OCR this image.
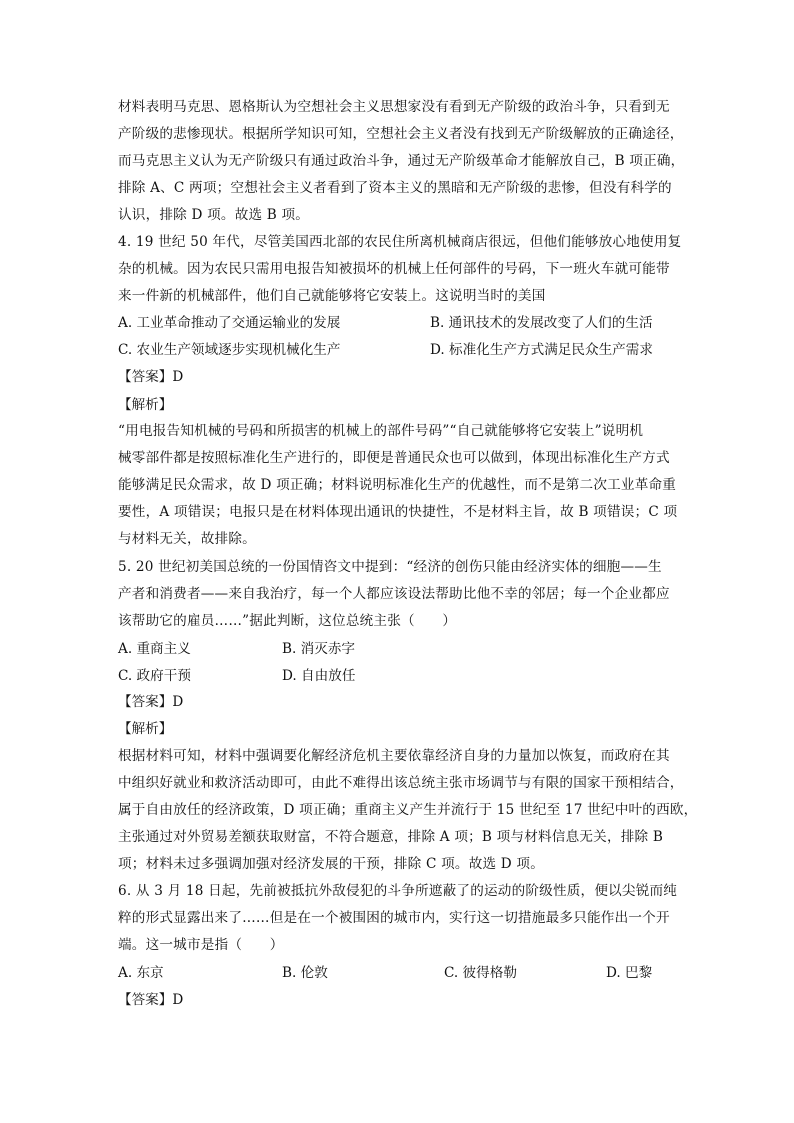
材料表明马克思、恩格斯认为空想社会主义思想家没有看到无产阶级的政治斗争，只看到无
产阶级的悲惨现状。根据所学知识可知，空想社会主义者没有找到无产阶级解放的正确途径，
而马克思主义认为无产阶级只有通过政治斗争，通过无产阶级革命才能解放自己，B 项正确，
排除 A、C 两项；空想社会主义者看到了资本主义的黑暗和无产阶级的悲惨，但没有科学的
认识，排除 D 项。故选 B 项。
4. 19 世纪 50 年代，尽管美国西北部的农民住所离机械商店很远，但他们能够放心地使用复
杂的机械。因为农民只需用电报告知被损坏的机械上任何部件的号码，下一班火车就可能带
来一件新的机械部件，他们自己就能够将它安装上。这说明当时的美国
A. 工业革命推动了交通运输业的发展	B. 通讯技术的发展改变了人们的生活
C. 农业生产领域逐步实现机械化生产	D. 标准化生产方式满足民众生产需求
【答案】D
【解析】
“用电报告知机械的号码和所损害的机械上的部件号码”“自己就能够将它安装上”说明机
械零部件都是按照标准化生产进行的，即便是普通民众也可以做到，体现出标准化生产方式
能够满足民众需求，故 D 项正确；材料说明标准化生产的优越性，而不是第二次工业革命重
要性，A 项错误；电报只是在材料体现出通讯的快捷性，不是材料主旨，故 B 项错误；C 项
与材料无关，故排除。
5. 20 世纪初美国总统的一份国情咨文中提到：“经济的创伤只能由经济实体的细胞——生
产者和消费者——来自我治疗，每一个人都应该设法帮助比他不幸的邻居；每一个企业都应
该帮助它的雇员……”据此判断，这位总统主张（　　）
A. 重商主义	B. 消灭赤字
C. 政府干预	D. 自由放任
【答案】D
【解析】
根据材料可知，材料中强调要化解经济危机主要依靠经济自身的力量加以恢复，而政府在其
中组织好就业和救济活动即可，由此不难得出该总统主张市场调节与有限的国家干预相结合，
属于自由放任的经济政策，D 项正确；重商主义产生并流行于 15 世纪至 17 世纪中叶的西欧，
主张通过对外贸易差额获取财富，不符合题意，排除 A 项；B 项与材料信息无关，排除 B
项；材料未过多强调加强对经济发展的干预，排除 C 项。故选 D 项。
6. 从 3 月 18 日起，先前被抵抗外敌侵犯的斗争所遮蔽了的运动的阶级性质，便以尖锐而纯
粹的形式显露出来了……但是在一个被围困的城市内，实行这一切措施最多只能作出一个开
端。这一城市是指（　　）
A. 东京	B. 伦敦	C. 彼得格勒	D. 巴黎
【答案】D
